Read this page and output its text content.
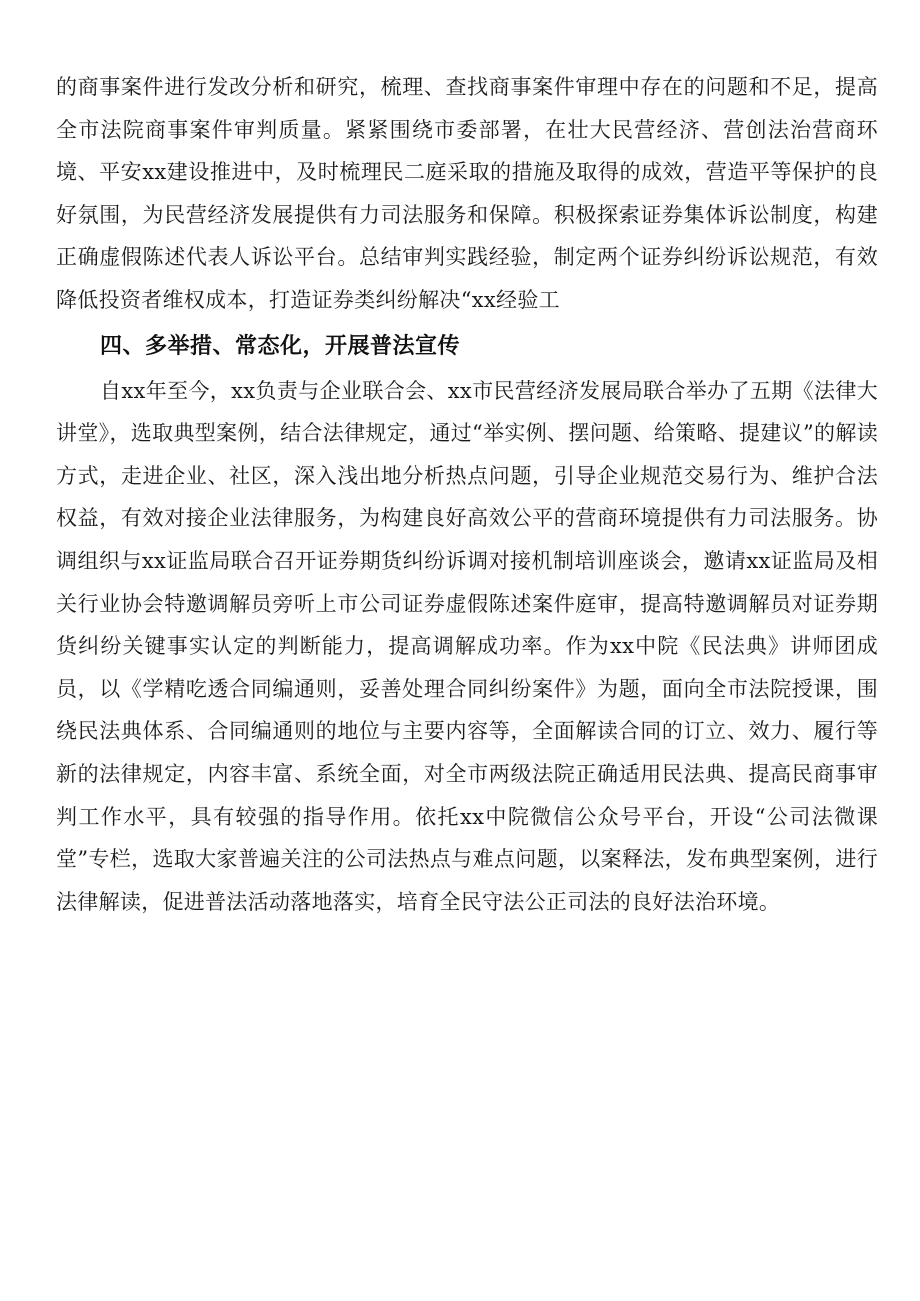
的商事案件进行发改分析和研究，梳理、查找商事案件审理中存在的问题和不足，提高全市法院商事案件审判质量。紧紧围绕市委部署，在壮大民营经济、营创法治营商环境、平安xx建设推进中，及时梳理民二庭采取的措施及取得的成效，营造平等保护的良好氛围，为民营经济发展提供有力司法服务和保障。积极探索证券集体诉讼制度，构建正确虚假陈述代表人诉讼平台。总结审判实践经验，制定两个证券纠纷诉讼规范，有效降低投资者维权成本，打造证券类纠纷解决“xx经验工

四、多举措、常态化，开展普法宣传

自xx年至今，xx负责与企业联合会、xx市民营经济发展局联合举办了五期《法律大讲堂》，选取典型案例，结合法律规定，通过“举实例、摆问题、给策略、提建议”的解读方式，走进企业、社区，深入浅出地分析热点问题，引导企业规范交易行为、维护合法权益，有效对接企业法律服务，为构建良好高效公平的营商环境提供有力司法服务。协调组织与xx证监局联合召开证券期货纠纷诉调对接机制培训座谈会，邀请xx证监局及相关行业协会特邀调解员旁听上市公司证券虚假陈述案件庭审，提高特邀调解员对证券期货纠纷关键事实认定的判断能力，提高调解成功率。作为xx中院《民法典》讲师团成员，以《学精吃透合同编通则，妥善处理合同纠纷案件》为题，面向全市法院授课，围绕民法典体系、合同编通则的地位与主要内容等，全面解读合同的订立、效力、履行等新的法律规定，内容丰富、系统全面，对全市两级法院正确适用民法典、提高民商事审判工作水平，具有较强的指导作用。依托xx中院微信公众号平台，开设“公司法微课堂”专栏，选取大家普遍关注的公司法热点与难点问题，以案释法，发布典型案例，进行法律解读，促进普法活动落地落实，培育全民守法公正司法的良好法治环境。
